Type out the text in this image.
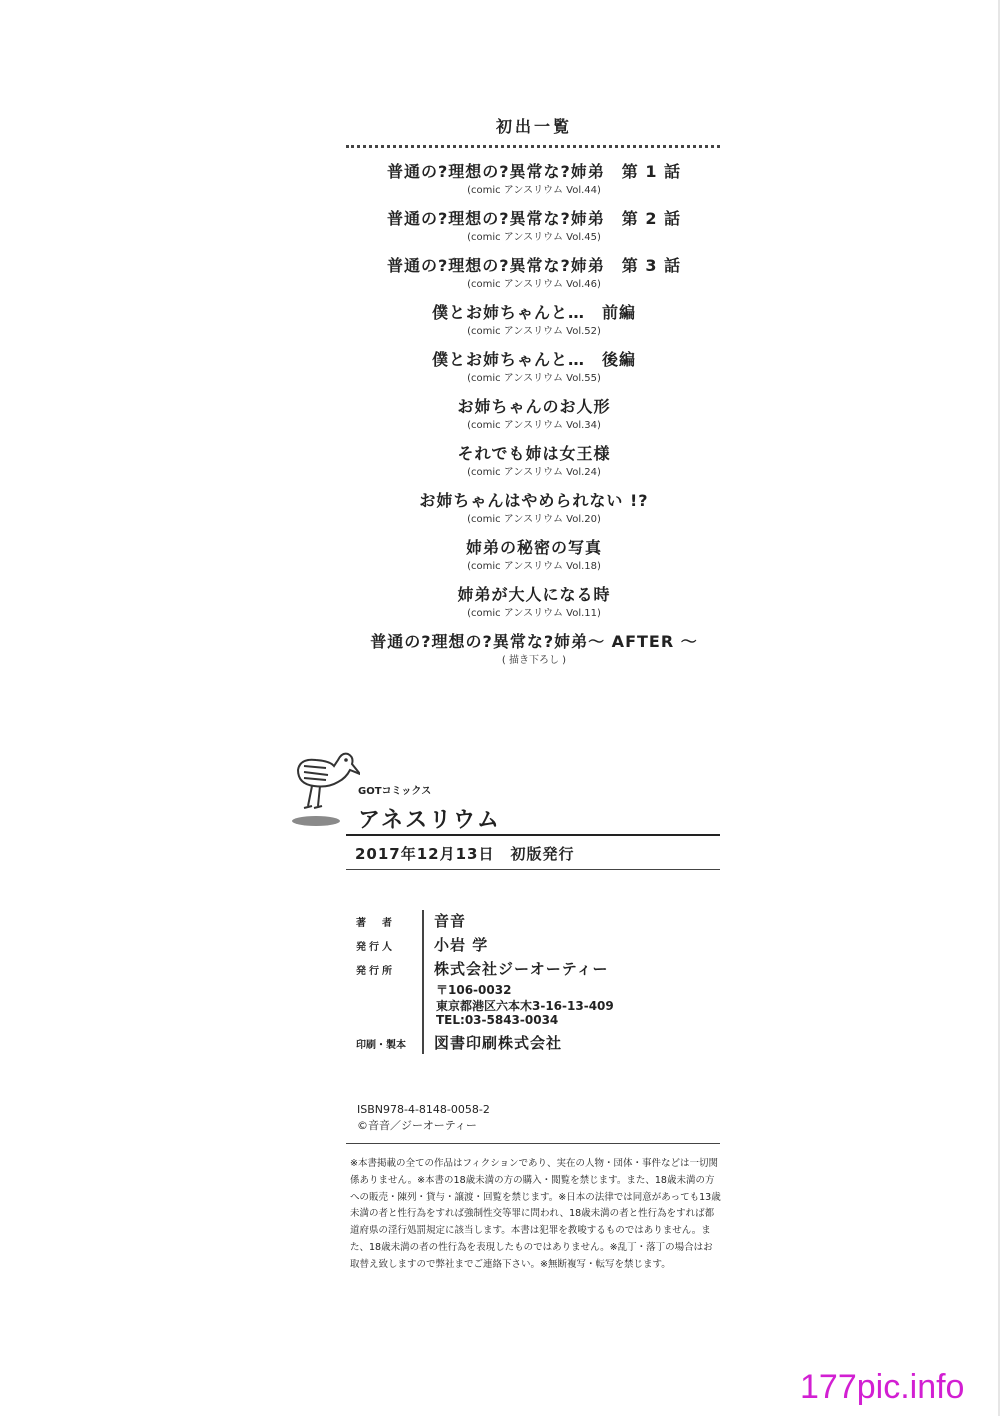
初出一覧
普通の?理想の?異常な?姉弟　第 1 話
(comic アンスリウム Vol.44)
普通の?理想の?異常な?姉弟　第 2 話
(comic アンスリウム Vol.45)
普通の?理想の?異常な?姉弟　第 3 話
(comic アンスリウム Vol.46)
僕とお姉ちゃんと…　前編
(comic アンスリウム Vol.52)
僕とお姉ちゃんと…　後編
(comic アンスリウム Vol.55)
お姉ちゃんのお人形
(comic アンスリウム Vol.34)
それでも姉は女王様
(comic アンスリウム Vol.24)
お姉ちゃんはやめられない !?
(comic アンスリウム Vol.20)
姉弟の秘密の写真
(comic アンスリウム Vol.18)
姉弟が大人になる時
(comic アンスリウム Vol.11)
普通の?理想の?異常な?姉弟～ AFTER ～
( 描き下ろし )
GOTコミックス
アネスリウム
2017年12月13日 初版発行
著　者	音音
発行人	小岩 学
発行所	株式会社ジーオーティー
〒106-0032
東京都港区六本木3-16-13-409
TEL:03-5843-0034
印刷・製本	図書印刷株式会社
ISBN978-4-8148-0058-2
©音音／ジーオーティー
※本書掲載の全ての作品はフィクションであり、実在の人物・団体・事件などは一切関係ありません。※本書の18歳未満の方の購入・閲覧を禁じます。また、18歳未満の方への販売・陳列・貸与・譲渡・回覧を禁じます。※日本の法律では同意があっても13歳未満の者と性行為をすれば強制性交等罪に問われ、18歳未満の者と性行為をすれば都道府県の淫行処罰規定に該当します。本書は犯罪を教唆するものではありません。また、18歳未満の者の性行為を表現したものではありません。※乱丁・落丁の場合はお取替え致しますので弊社までご連絡下さい。※無断複写・転写を禁じます。
177pic.info
